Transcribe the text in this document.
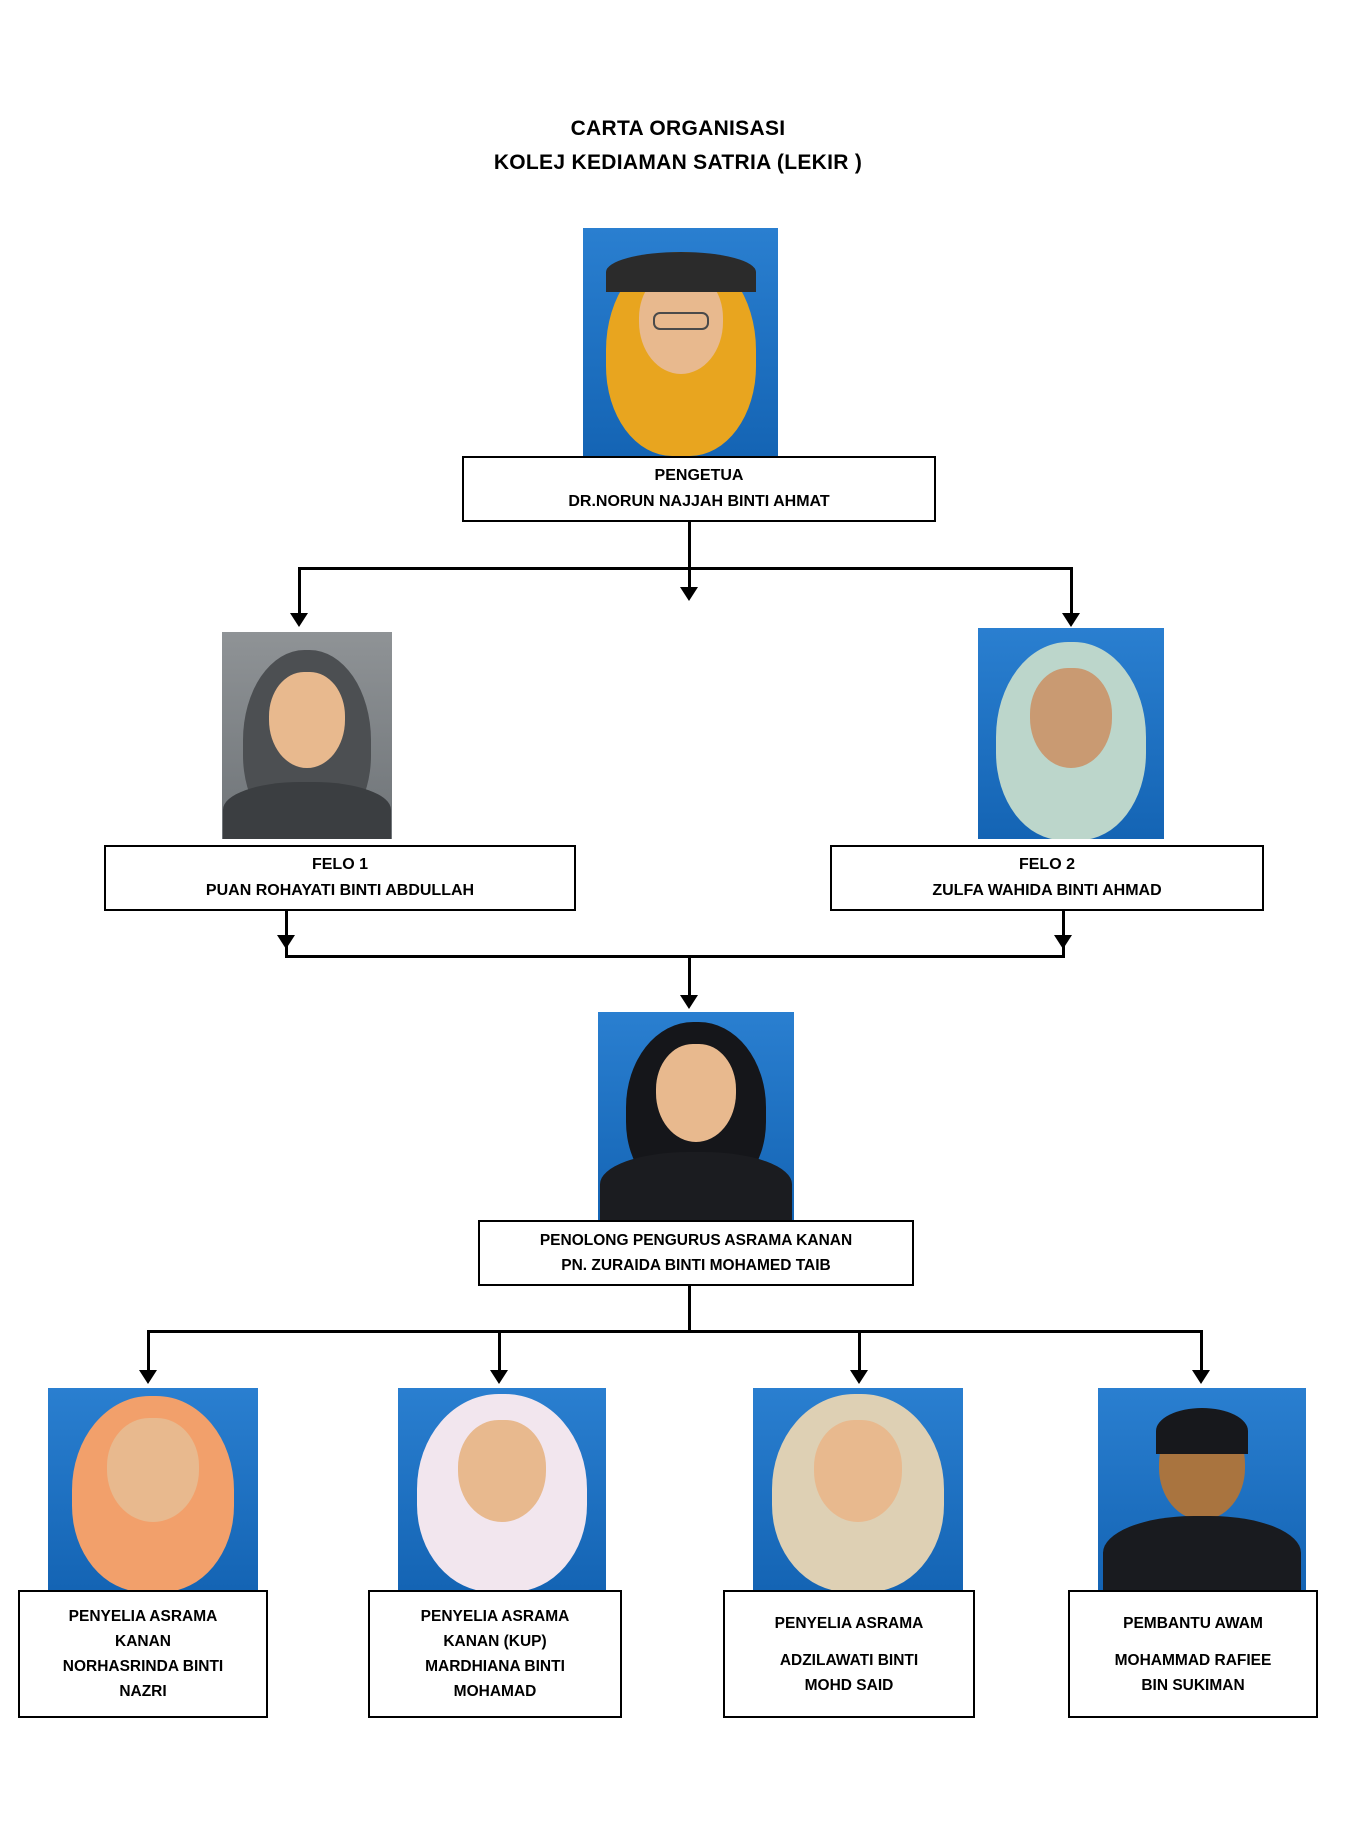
CARTA ORGANISASI
KOLEJ KEDIAMAN SATRIA (LEKIR )
PENGETUA
DR.NORUN NAJJAH BINTI AHMAT
FELO 1
PUAN ROHAYATI BINTI ABDULLAH
FELO 2
ZULFA WAHIDA BINTI AHMAD
PENOLONG PENGURUS ASRAMA KANAN
PN. ZURAIDA BINTI MOHAMED TAIB
PENYELIA ASRAMA
KANAN
NORHASRINDA BINTI
NAZRI
PENYELIA ASRAMA
KANAN (KUP)
MARDHIANA BINTI
MOHAMAD
PENYELIA ASRAMA
ADZILAWATI BINTI
MOHD SAID
PEMBANTU AWAM
MOHAMMAD RAFIEE
BIN SUKIMAN
